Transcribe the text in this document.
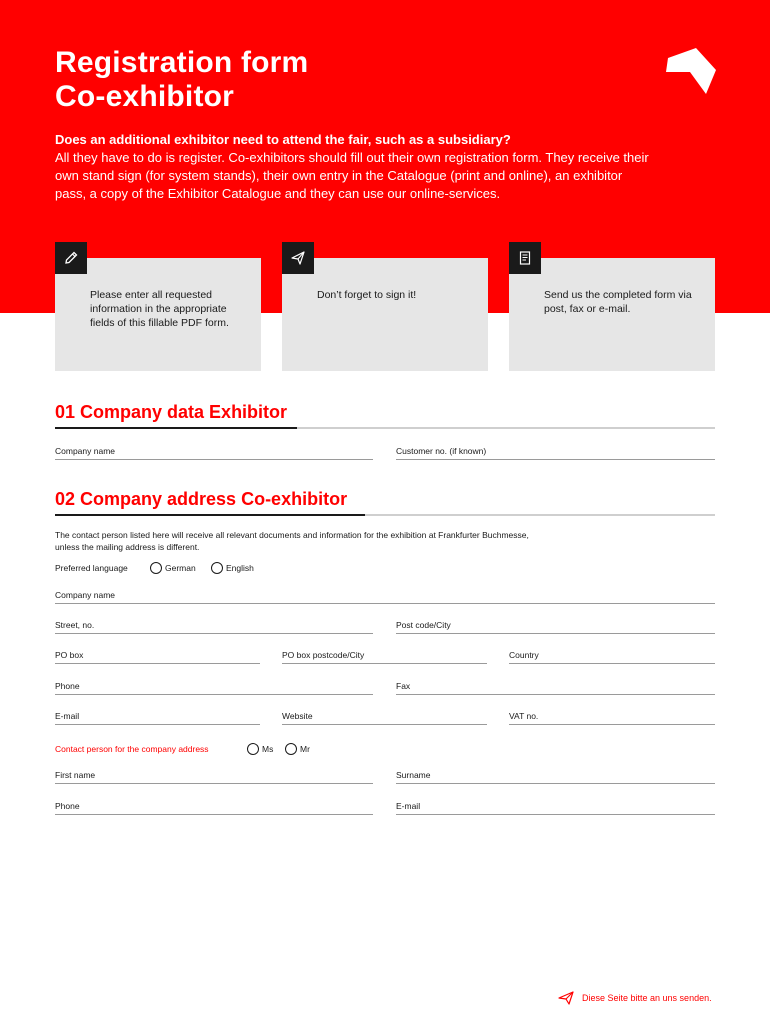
Registration form
Co-exhibitor
Does an additional exhibitor need to attend the fair, such as a subsidiary?
All they have to do is register. Co-exhibitors should fill out their own registration form. They receive their own stand sign (for system stands), their own entry in the Catalogue (print and online), an exhibitor pass, a copy of the Exhibitor Catalogue and they can use our online-services.
Please enter all requested information in the appropriate fields of this fillable PDF form.
Don’t forget to sign it!	Send us the completed form via post, fax or e-mail.
01 Company data Exhibitor
Company name	Customer no. (if known)
02 Company address Co-exhibitor
The contact person listed here will receive all relevant documents and information for the exhibition at Frankfurter Buchmesse,
unless the mailing address is different.
Preferred language	German	English
Company name
Street, no.	Post code/City
PO box	PO box postcode/City	Country
Phone	Fax
E-mail	Website	VAT no.
Contact person for the company address	Ms	Mr
First name	Surname
Phone	E-mail
Diese Seite bitte an uns senden.
